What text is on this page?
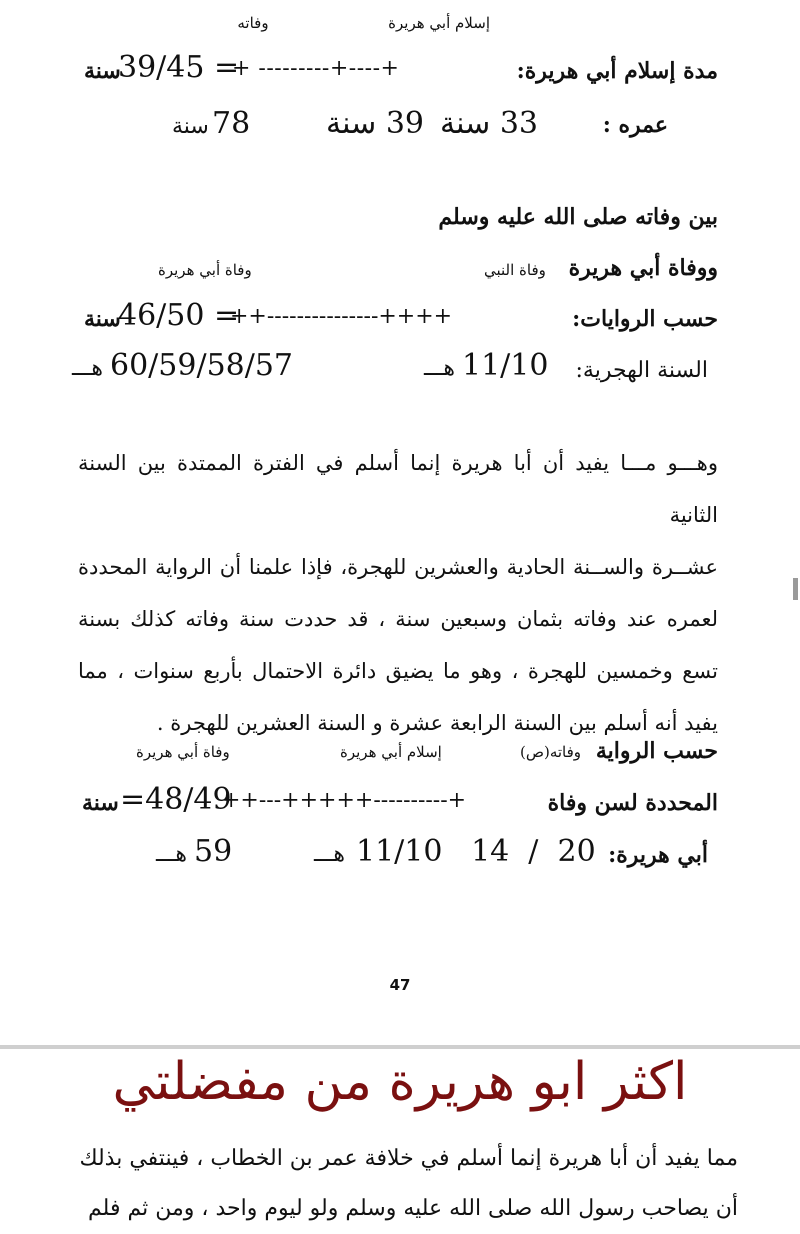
إسلام أبي هريرة
وفاته
مدة إسلام أبي هريرة:
+ ---------+----+
39/45 =
سنة
عمره :
33 سنة
39 سنة
78
سنة
بين وفاته صلى الله عليه وسلم
ووفاة أبي هريرة
وفاة النبي
وفاة أبي هريرة
حسب الروايات:
++---------------++++
46/50 =
سنة
السنة الهجرية:
11/10
هـــ
60/59/58/57
هـــ
وهـــو مـــا يفيد أن أبا هريرة إنما أسلم في الفترة الممتدة بين السنة الثانية
عشــرة والســنة الحادية والعشرين للهجرة، فإذا علمنا أن الرواية المحددة
لعمره عند وفاته بثمان وسبعين سنة ، قد حددت سنة وفاته كذلك بسنة
تسع وخمسين للهجرة ، وهو ما يضيق دائرة الاحتمال بأربع سنوات ، مما
يفيد أنه أسلم بين السنة الرابعة عشرة و السنة العشرين للهجرة .
حسب الرواية
وفاته(ص)
إسلام أبي هريرة
وفاة أبي هريرة
المحددة لسن وفاة
++---+++++----------+
=48/49
سنة
أبي هريرة:
11/10   14  /  20
هـــ
59
هـــ
47
اكثر ابو هريرة من مفضلتي
مما يفيد أن أبا هريرة إنما أسلم في خلافة عمر بن الخطاب ، فينتفي بذلك
أن يصاحب رسول الله صلى الله عليه وسلم ولو ليوم واحد ، ومن ثم فلم
